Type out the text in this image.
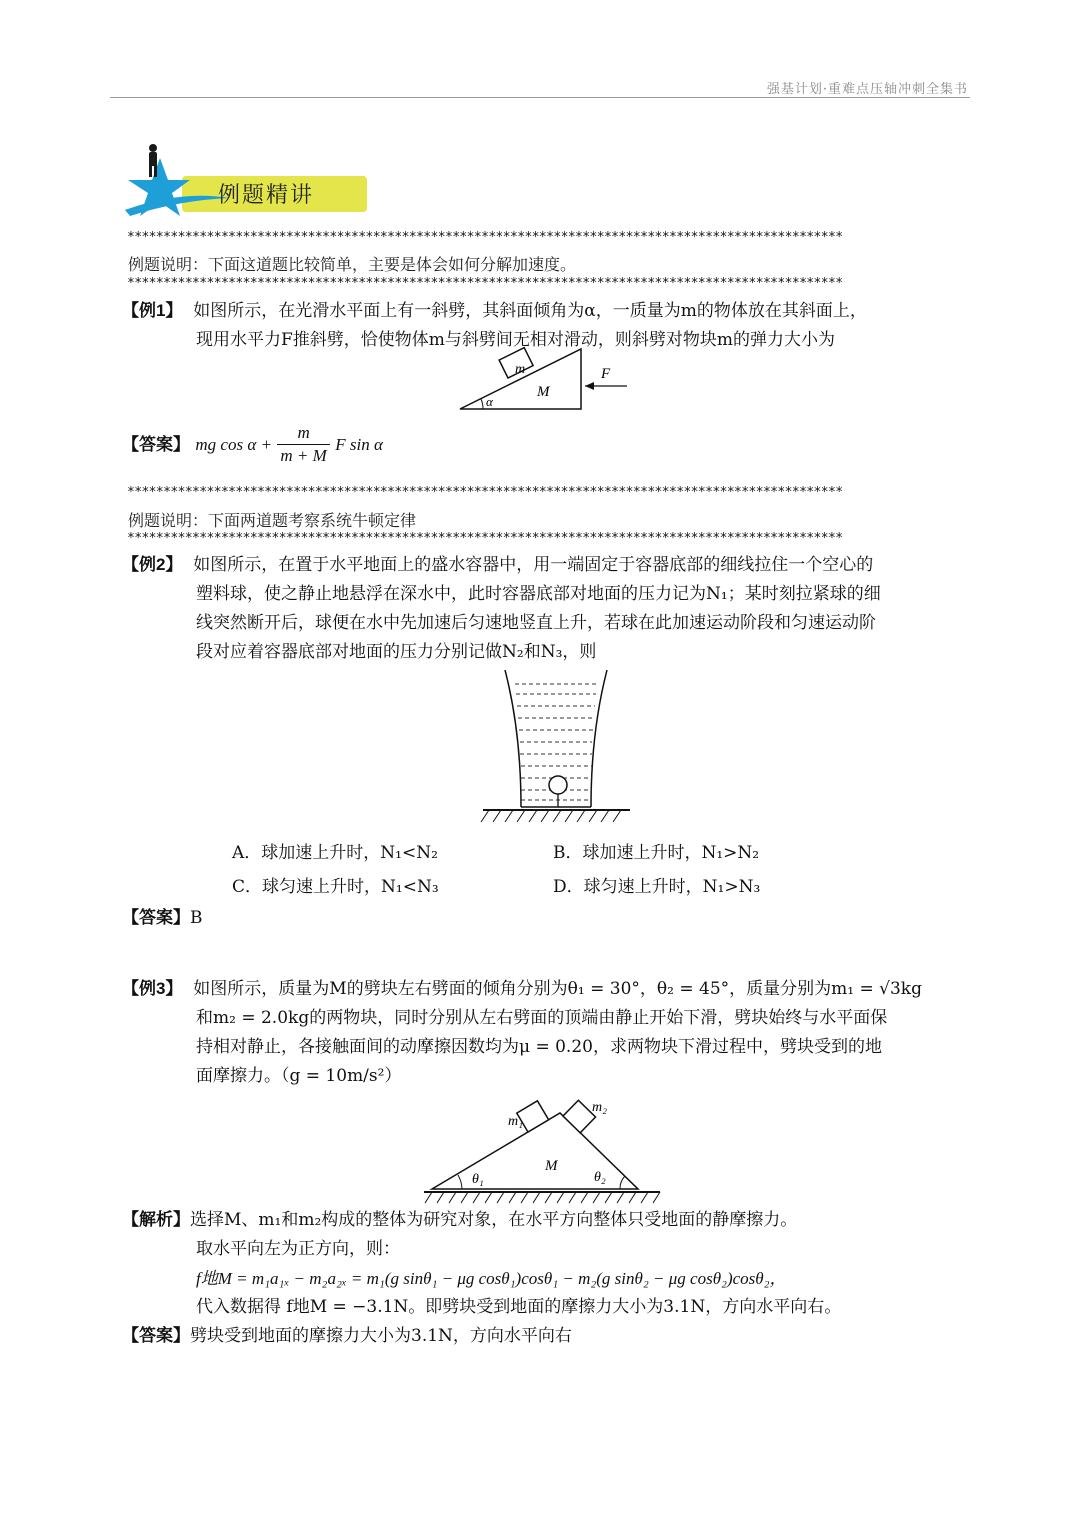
强基计划·重难点压轴冲刺全集书
例题精讲
***************************************************************************************************
例题说明：下面这道题比较简单，主要是体会如何分解加速度。
***************************************************************************************************
【例1】 如图所示，在光滑水平面上有一斜劈，其斜面倾角为α，一质量为m的物体放在其斜面上，
现用水平力F推斜劈，恰使物体m与斜劈间无相对滑动，则斜劈对物块m的弹力大小为
m
M
α
F
【答案】 mg $\cos \alpha + \frac{m}{m + M}$ F sin α
***************************************************************************************************
例题说明：下面两道题考察系统牛顿定律
***************************************************************************************************
【例2】 如图所示，在置于水平地面上的盛水容器中，用一端固定于容器底部的细线拉住一个空心的
塑料球，使之静止地悬浮在深水中，此时容器底部对地面的压力记为N₁；某时刻拉紧球的细
线突然断开后，球便在水中先加速后匀速地竖直上升，若球在此加速运动阶段和匀速运动阶
段对应着容器底部对地面的压力分别记做N₂和N₃，则
A．球加速上升时，N₁<N₂	B．球加速上升时，N₁>N₂
C．球匀速上升时，N₁<N₃	D．球匀速上升时，N₁>N₃
【答案】B
【例3】 如图所示，质量为M的劈块左右劈面的倾角分别为θ₁ = 30°，θ₂ = 45°，质量分别为m₁ = √3kg
和m₂ = 2.0kg的两物块，同时分别从左右劈面的顶端由静止开始下滑，劈块始终与水平面保
持相对静止，各接触面间的动摩擦因数均为μ = 0.20，求两物块下滑过程中，劈块受到的地
面摩擦力。（g = 10m/s²）
m₁
m₂
M
θ₁	θ₂
【解析】选择M、m₁和m₂构成的整体为研究对象，在水平方向整体只受地面的静摩擦力。
取水平向左为正方向，则：
f地M = m₁a₁ₓ − m₂a₂ₓ = m₁(g sinθ₁ − μg cosθ₁)cosθ₁ − m₂(g sinθ₂ − μg cosθ₂)cosθ₂，
代入数据得 f地M = −3.1N。即劈块受到地面的摩擦力大小为3.1N，方向水平向右。
【答案】劈块受到地面的摩擦力大小为3.1N，方向水平向右
